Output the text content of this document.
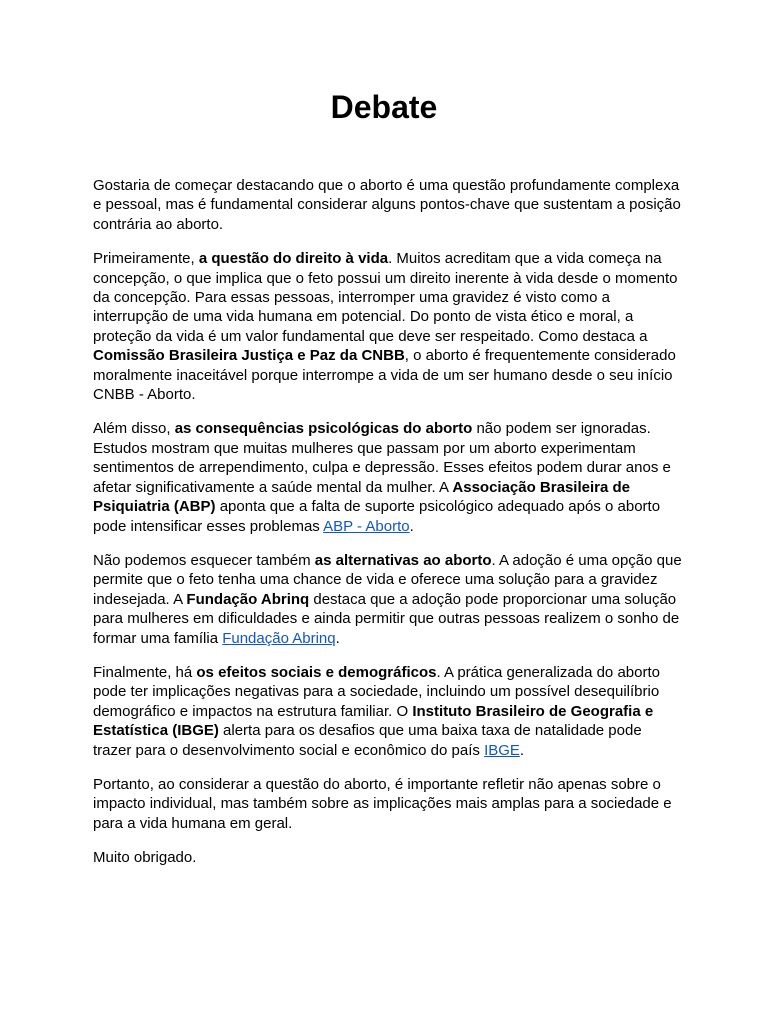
Debate

Gostaria de começar destacando que o aborto é uma questão profundamente complexa e pessoal, mas é fundamental considerar alguns pontos-chave que sustentam a posição contrária ao aborto.

Primeiramente, a questão do direito à vida. Muitos acreditam que a vida começa na concepção, o que implica que o feto possui um direito inerente à vida desde o momento da concepção. Para essas pessoas, interromper uma gravidez é visto como a interrupção de uma vida humana em potencial. Do ponto de vista ético e moral, a proteção da vida é um valor fundamental que deve ser respeitado. Como destaca a Comissão Brasileira Justiça e Paz da CNBB, o aborto é frequentemente considerado moralmente inaceitável porque interrompe a vida de um ser humano desde o seu início CNBB - Aborto.

Além disso, as consequências psicológicas do aborto não podem ser ignoradas. Estudos mostram que muitas mulheres que passam por um aborto experimentam sentimentos de arrependimento, culpa e depressão. Esses efeitos podem durar anos e afetar significativamente a saúde mental da mulher. A Associação Brasileira de Psiquiatria (ABP) aponta que a falta de suporte psicológico adequado após o aborto pode intensificar esses problemas ABP - Aborto.

Não podemos esquecer também as alternativas ao aborto. A adoção é uma opção que permite que o feto tenha uma chance de vida e oferece uma solução para a gravidez indesejada. A Fundação Abrinq destaca que a adoção pode proporcionar uma solução para mulheres em dificuldades e ainda permitir que outras pessoas realizem o sonho de formar uma família Fundação Abrinq.

Finalmente, há os efeitos sociais e demográficos. A prática generalizada do aborto pode ter implicações negativas para a sociedade, incluindo um possível desequilíbrio demográfico e impactos na estrutura familiar. O Instituto Brasileiro de Geografia e Estatística (IBGE) alerta para os desafios que uma baixa taxa de natalidade pode trazer para o desenvolvimento social e econômico do país IBGE.

Portanto, ao considerar a questão do aborto, é importante refletir não apenas sobre o impacto individual, mas também sobre as implicações mais amplas para a sociedade e para a vida humana em geral.

Muito obrigado.
